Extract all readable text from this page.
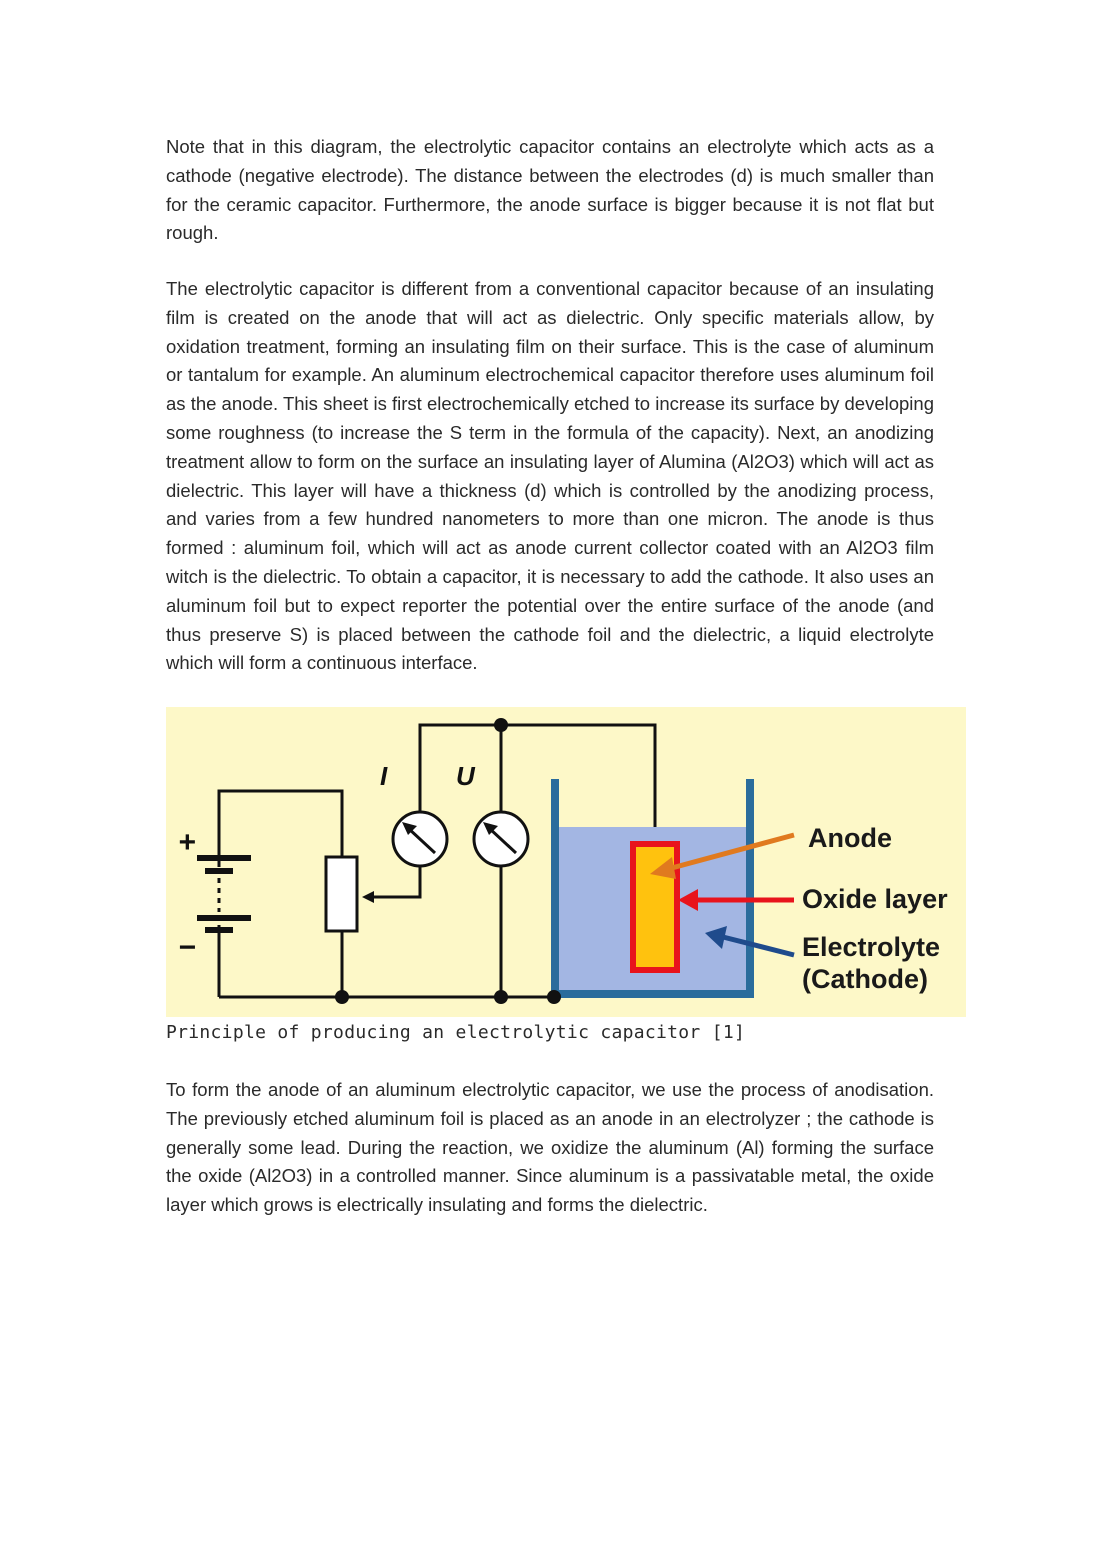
Note that in this diagram, the electrolytic capacitor contains an electrolyte which acts as a cathode (negative electrode). The distance between the electrodes (d) is much smaller than for the ceramic capacitor. Furthermore, the anode surface is bigger because it is not flat but rough.

The electrolytic capacitor is different from a conventional capacitor because of an insulating film is created on the anode that will act as dielectric. Only specific materials allow, by oxidation treatment, forming an insulating film on their surface. This is the case of aluminum or tantalum for example. An aluminum electrochemical capacitor therefore uses aluminum foil as the anode. This sheet is first electrochemically etched to increase its surface by developing some roughness (to increase the S term in the formula of the capacity). Next, an anodizing treatment allow to form on the surface an insulating layer of Alumina (Al2O3) which will act as dielectric. This layer will have a thickness (d) which is controlled by the anodizing process, and varies from a few hundred nanometers to more than one micron. The anode is thus formed : aluminum foil, which will act as anode current collector coated with an Al2O3 film witch is the dielectric. To obtain a capacitor, it is necessary to add the cathode. It also uses an aluminum foil but to expect reporter the potential over the entire surface of the anode (and thus preserve S) is placed between the cathode foil and the dielectric, a liquid electrolyte which will form a continuous interface.

+
−
I	U
Anode
Oxide layer
Electrolyte
(Cathode)

Principle of producing an electrolytic capacitor [1]

To form the anode of an aluminum electrolytic capacitor, we use the process of anodisation. The previously etched aluminum foil is placed as an anode in an electrolyzer ; the cathode is generally some lead. During the reaction, we oxidize the aluminum (Al) forming the surface the oxide (Al2O3) in a controlled manner. Since aluminum is a passivatable metal, the oxide layer which grows is electrically insulating and forms the dielectric.
